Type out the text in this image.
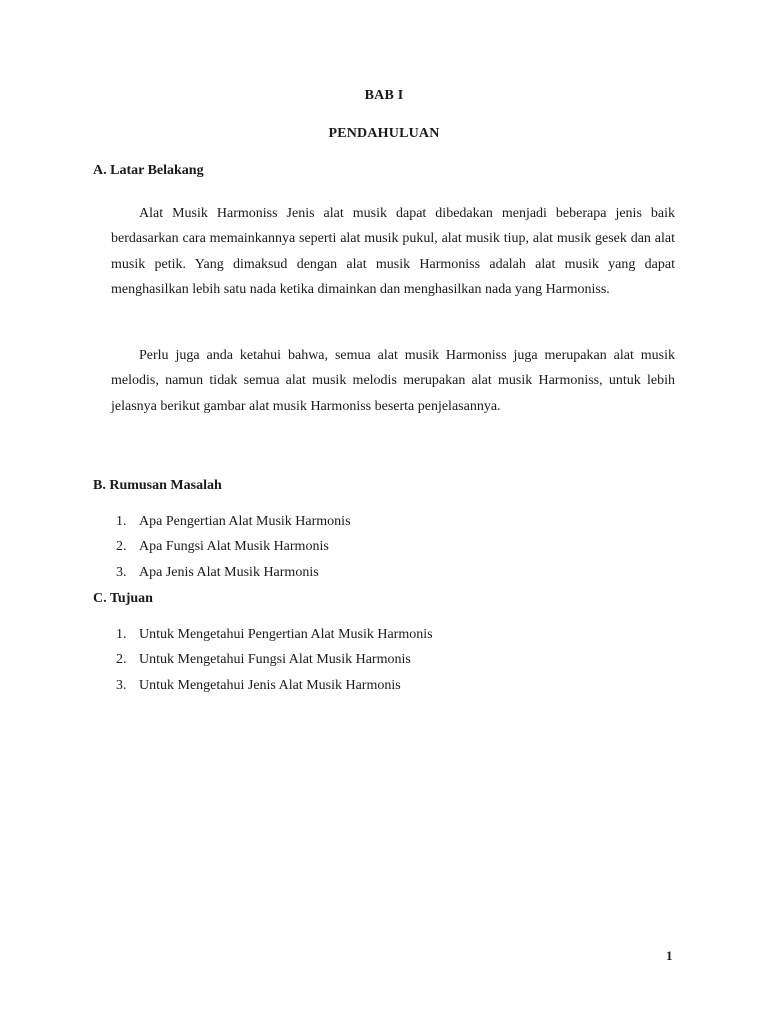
BAB I
PENDAHULUAN
A. Latar Belakang

Alat Musik Harmoniss Jenis alat musik dapat dibedakan menjadi beberapa jenis baik berdasarkan cara memainkannya seperti alat musik pukul, alat musik tiup, alat musik gesek dan alat musik petik. Yang dimaksud dengan alat musik Harmoniss adalah alat musik yang dapat menghasilkan lebih satu nada ketika dimainkan dan menghasilkan nada yang Harmoniss.

Perlu juga anda ketahui bahwa, semua alat musik Harmoniss juga merupakan alat musik melodis, namun tidak semua alat musik melodis merupakan alat musik Harmoniss, untuk lebih jelasnya berikut gambar alat musik Harmoniss beserta penjelasannya.

B. Rumusan Masalah
1. Apa Pengertian Alat Musik Harmonis
2. Apa Fungsi Alat Musik Harmonis
3. Apa Jenis Alat Musik Harmonis
C. Tujuan
1. Untuk Mengetahui Pengertian Alat Musik Harmonis
2. Untuk Mengetahui Fungsi Alat Musik Harmonis
3. Untuk Mengetahui Jenis Alat Musik Harmonis
1
